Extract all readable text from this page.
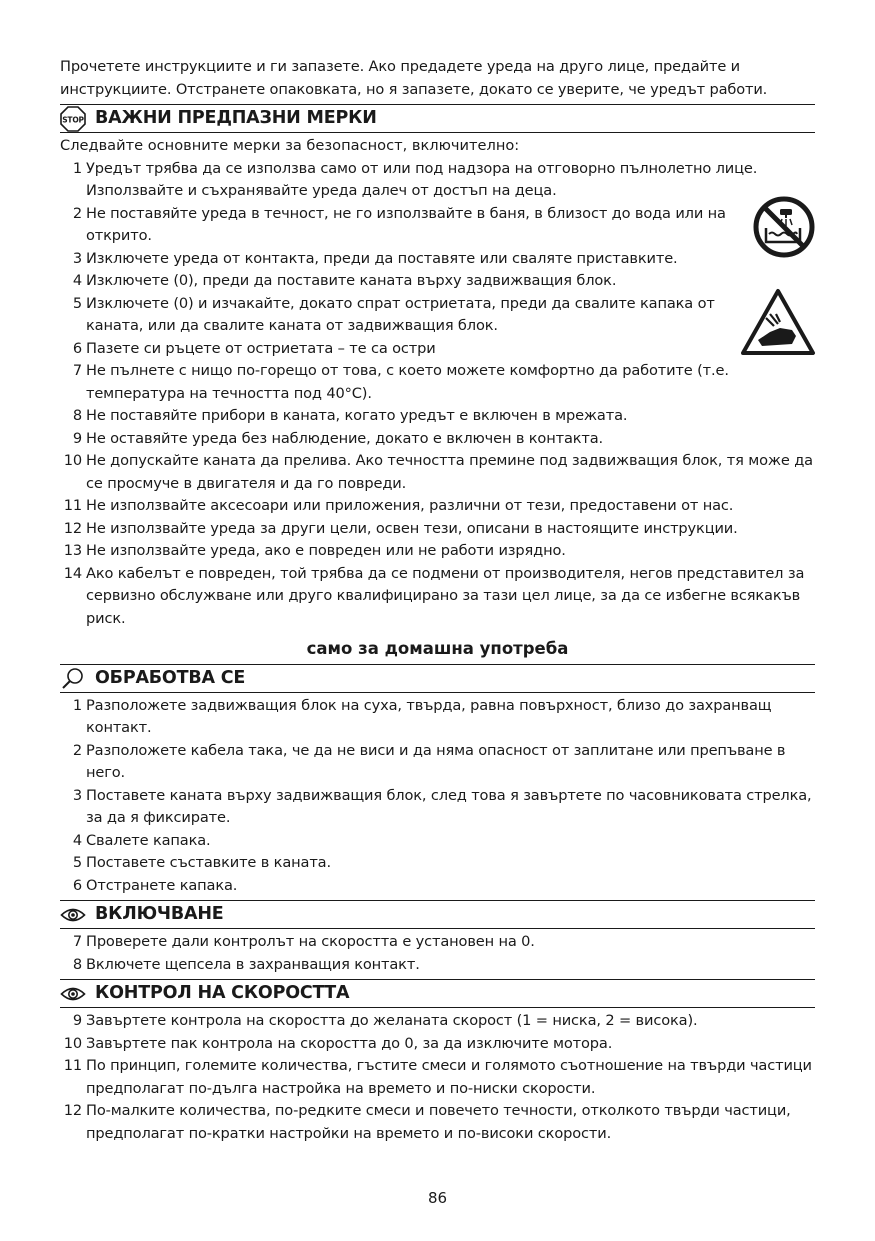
Прочетете инструкциите и ги запазете. Ако предадете уреда на друго лице, предайте и инструкциите. Отстранете опаковката, но я запазете, докато се уверите, че уредът работи.

STOP ВАЖНИ ПРЕДПАЗНИ МЕРКИ

Следвайте основните мерки за безопасност, включително:

1 Уредът трябва да се използва само от или под надзора на отговорно пълнолетно лице. Използвайте и съхранявайте уреда далеч от достъп на деца.
2 Не поставяйте уреда в течност, не го използвайте в баня, в близост до вода или на открито.
3 Изключете уреда от контакта, преди да поставяте или сваляте приставките.
4 Изключете (0), преди да поставите каната върху задвижващия блок.
5 Изключете (0) и изчакайте, докато спрат остриетата, преди да свалите капака от каната, или да свалите каната от задвижващия блок.
6 Пазете си ръцете от остриетата – те са остри
7 Не пълнете с нищо по-горещо от това, с което можете комфортно да работите (т.е. температура на течността под 40°C).
8 Не поставяйте прибори в каната, когато уредът е включен в мрежата.
9 Не оставяйте уреда без наблюдение, докато е включен в контакта.
10 Не допускайте каната да прелива. Ако течността премине под задвижващия блок, тя може да се просмуче в двигателя и да го повреди.
11 Не използвайте аксесоари или приложения, различни от тези, предоставени от нас.
12 Не използвайте уреда за други цели, освен тези, описани в настоящите инструкции.
13 Не използвайте уреда, ако е повреден или не работи изрядно.
14 Ако кабелът е повреден, той трябва да се подмени от производителя, негов представител за сервизно обслужване или друго квалифицирано за тази цел лице, за да се избегне всякакъв риск.

само за домашна употреба

ОБРАБОТВА СЕ
1 Разположете задвижващия блок на суха, твърда, равна повърхност, близо до захранващ контакт.
2 Разположете кабела така, че да не виси и да няма опасност от заплитане или препъване в него.
3 Поставете каната върху задвижващия блок, след това я завъртете по часовниковата стрелка, за да я фиксирате.
4 Свалете капака.
5 Поставете съставките в каната.
6 Отстранете капака.
ВКЛЮЧВАНЕ
7 Проверете дали контролът на скоростта е установен на 0.
8 Включете щепсела в захранващия контакт.
КОНТРОЛ НА СКОРОСТТА
9 Завъртете контрола на скоростта до желаната скорост (1 = ниска, 2 = висока).
10 Завъртете пак контрола на скоростта до 0, за да изключите мотора.
11 По принцип, големите количества, гъстите смеси и голямото съотношение на твърди частици предполагат по-дълга настройка на времето и по-ниски скорости.
12 По-малките количества, по-редките смеси и повечето течности, отколкото твърди частици, предполагат по-кратки настройки на времето и по-високи скорости.
86
